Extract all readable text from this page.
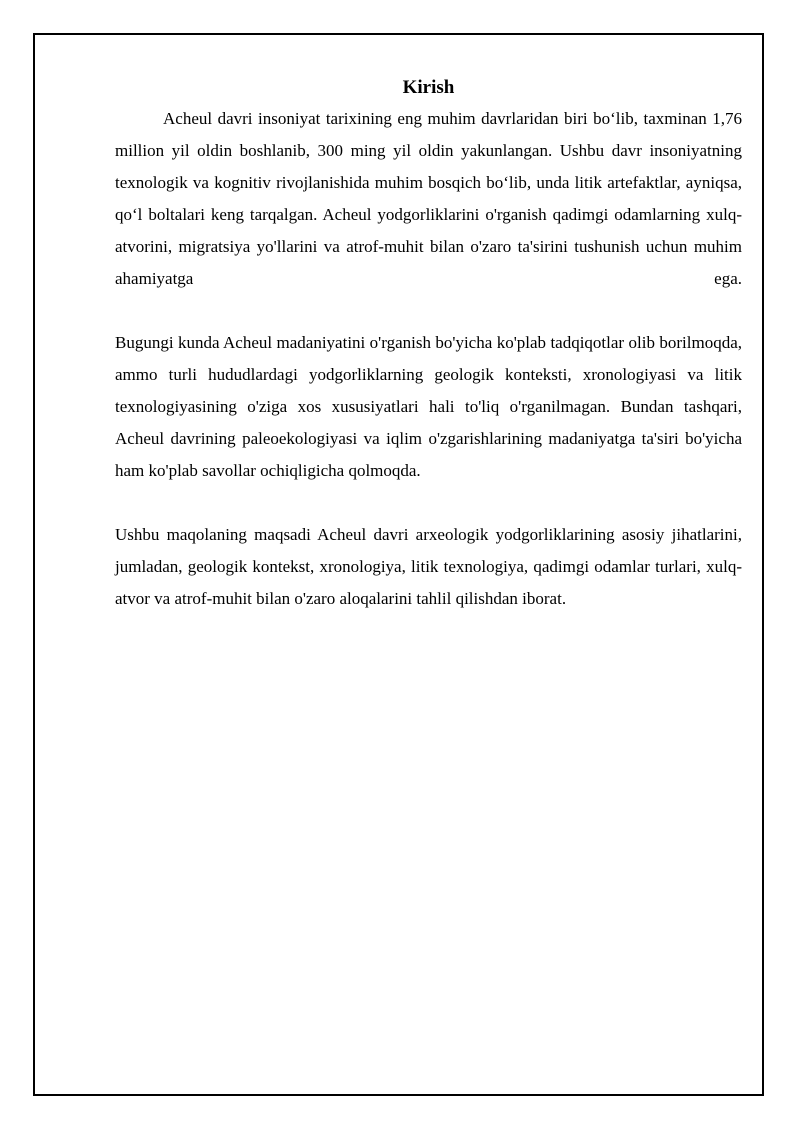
Kirish

Acheul davri insoniyat tarixining eng muhim davrlaridan biri bo‘lib, taxminan 1,76 million yil oldin boshlanib, 300 ming yil oldin yakunlangan. Ushbu davr insoniyatning texnologik va kognitiv rivojlanishida muhim bosqich bo‘lib, unda litik artefaktlar, ayniqsa, qo‘l boltalari keng tarqalgan. Acheul yodgorliklarini o'rganish qadimgi odamlarning xulq-atvorini, migratsiya yo'llarini va atrof-muhit bilan o'zaro ta'sirini tushunish uchun muhim ahamiyatga ega.

Bugungi kunda Acheul madaniyatini o'rganish bo'yicha ko'plab tadqiqotlar olib borilmoqda, ammo turli hududlardagi yodgorliklarning geologik konteksti, xronologiyasi va litik texnologiyasining o'ziga xos xususiyatlari hali to'liq o'rganilmagan. Bundan tashqari, Acheul davrining paleoekologiyasi va iqlim o'zgarishlarining madaniyatga ta'siri bo'yicha ham ko'plab savollar ochiqligicha qolmoqda.

Ushbu maqolaning maqsadi Acheul davri arxeologik yodgorliklarining asosiy jihatlarini, jumladan, geologik kontekst, xronologiya, litik texnologiya, qadimgi odamlar turlari, xulq-atvor va atrof-muhit bilan o'zaro aloqalarini tahlil qilishdan iborat.
